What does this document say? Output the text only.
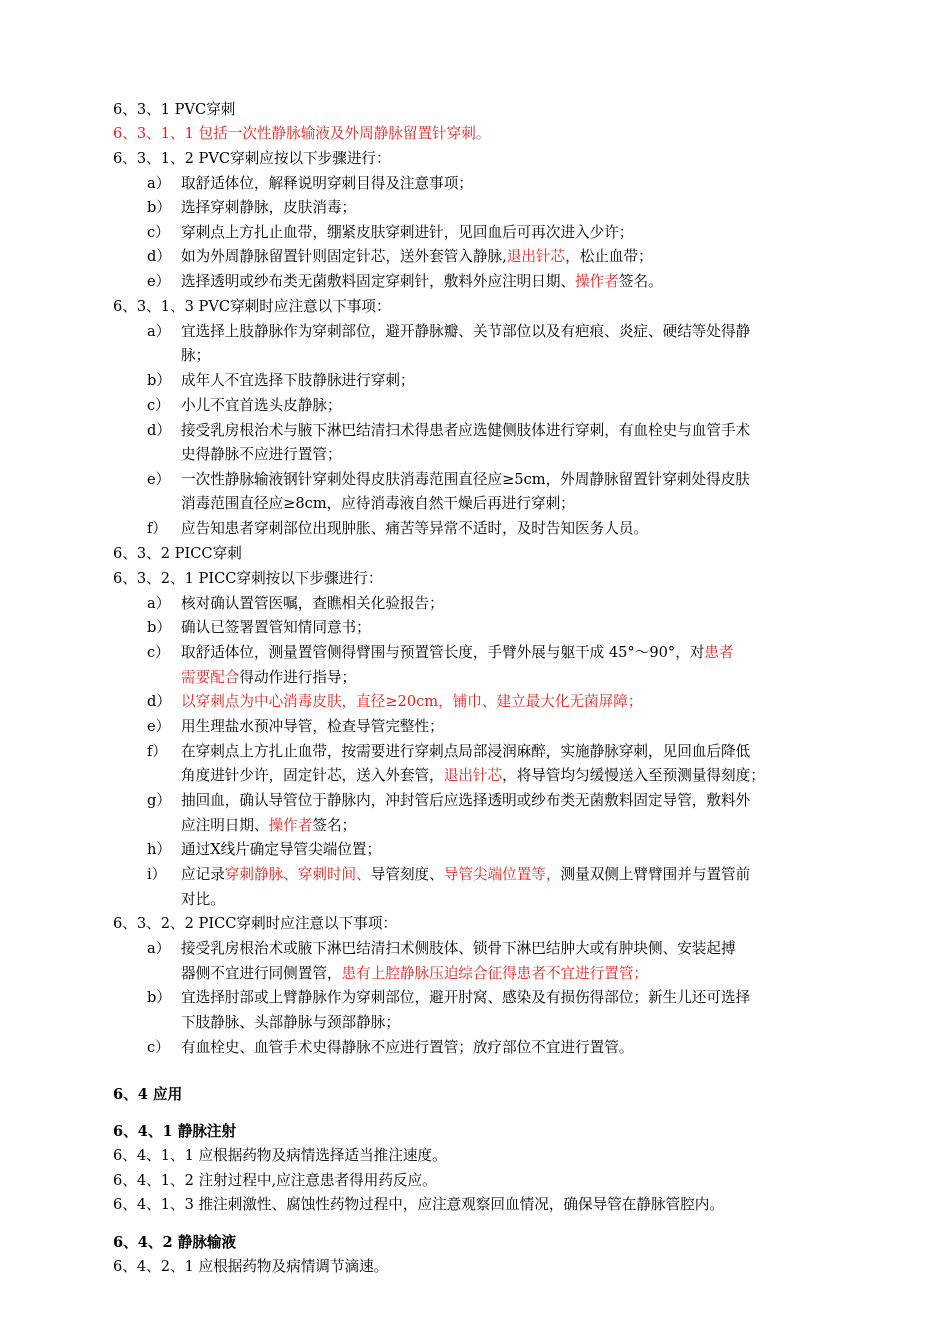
6、3、1 PVC穿刺
6、3、1、1 包括一次性静脉输液及外周静脉留置针穿刺。
6、3、1、2 PVC穿刺应按以下步骤进行：
a） 取舒适体位，解释说明穿刺目得及注意事项；
b） 选择穿刺静脉，皮肤消毒；
c） 穿刺点上方扎止血带，绷紧皮肤穿刺进针，见回血后可再次进入少许；
d） 如为外周静脉留置针则固定针芯，送外套管入静脉,退出针芯，松止血带；
e） 选择透明或纱布类无菌敷料固定穿刺针，敷料外应注明日期、操作者签名。
6、3、1、3 PVC穿刺时应注意以下事项：
a） 宜选择上肢静脉作为穿刺部位，避开静脉瓣、关节部位以及有疤痕、炎症、硬结等处得静
脉；
b） 成年人不宜选择下肢静脉进行穿刺；
c） 小儿不宜首选头皮静脉；
d） 接受乳房根治术与腋下淋巴结清扫术得患者应选健侧肢体进行穿刺，有血栓史与血管手术
史得静脉不应进行置管；
e） 一次性静脉输液钢针穿刺处得皮肤消毒范围直径应≥5cm，外周静脉留置针穿刺处得皮肤
消毒范围直径应≥8cm，应待消毒液自然干燥后再进行穿刺；
f） 应告知患者穿刺部位出现肿胀、痛苦等异常不适时，及时告知医务人员。
6、3、2 PICC穿刺
6、3、2、1 PICC穿刺按以下步骤进行：
a） 核对确认置管医嘱，查瞧相关化验报告；
b） 确认已签署置管知情同意书；
c） 取舒适体位，测量置管侧得臂围与预置管长度，手臂外展与躯干成 45°～90°，对患者
需要配合得动作进行指导；
d） 以穿刺点为中心消毒皮肤，直径≥20cm，铺巾、建立最大化无菌屏障；
e） 用生理盐水预冲导管，检查导管完整性；
f） 在穿刺点上方扎止血带，按需要进行穿刺点局部浸润麻醉，实施静脉穿刺，见回血后降低
角度进针少许，固定针芯，送入外套管，退出针芯，将导管均匀缓慢送入至预测量得刻度；
g） 抽回血，确认导管位于静脉内，冲封管后应选择透明或纱布类无菌敷料固定导管，敷料外
应注明日期、操作者签名；
h） 通过X线片确定导管尖端位置；
i） 应记录穿刺静脉、穿刺时间、导管刻度、导管尖端位置等，测量双侧上臂臂围并与置管前
对比。
6、3、2、2 PICC穿刺时应注意以下事项：
a） 接受乳房根治术或腋下淋巴结清扫术侧肢体、锁骨下淋巴结肿大或有肿块侧、安装起搏
器侧不宜进行同侧置管，患有上腔静脉压迫综合征得患者不宜进行置管；
b） 宜选择肘部或上臂静脉作为穿刺部位，避开肘窝、感染及有损伤得部位；新生儿还可选择
下肢静脉、头部静脉与颈部静脉；
c） 有血栓史、血管手术史得静脉不应进行置管；放疗部位不宜进行置管。
6、4 应用
6、4、1 静脉注射
6、4、1、1 应根据药物及病情选择适当推注速度。
6、4、1、2 注射过程中,应注意患者得用药反应。
6、4、1、3 推注刺激性、腐蚀性药物过程中，应注意观察回血情况，确保导管在静脉管腔内。
6、4、2 静脉输液
6、4、2、1 应根据药物及病情调节滴速。
